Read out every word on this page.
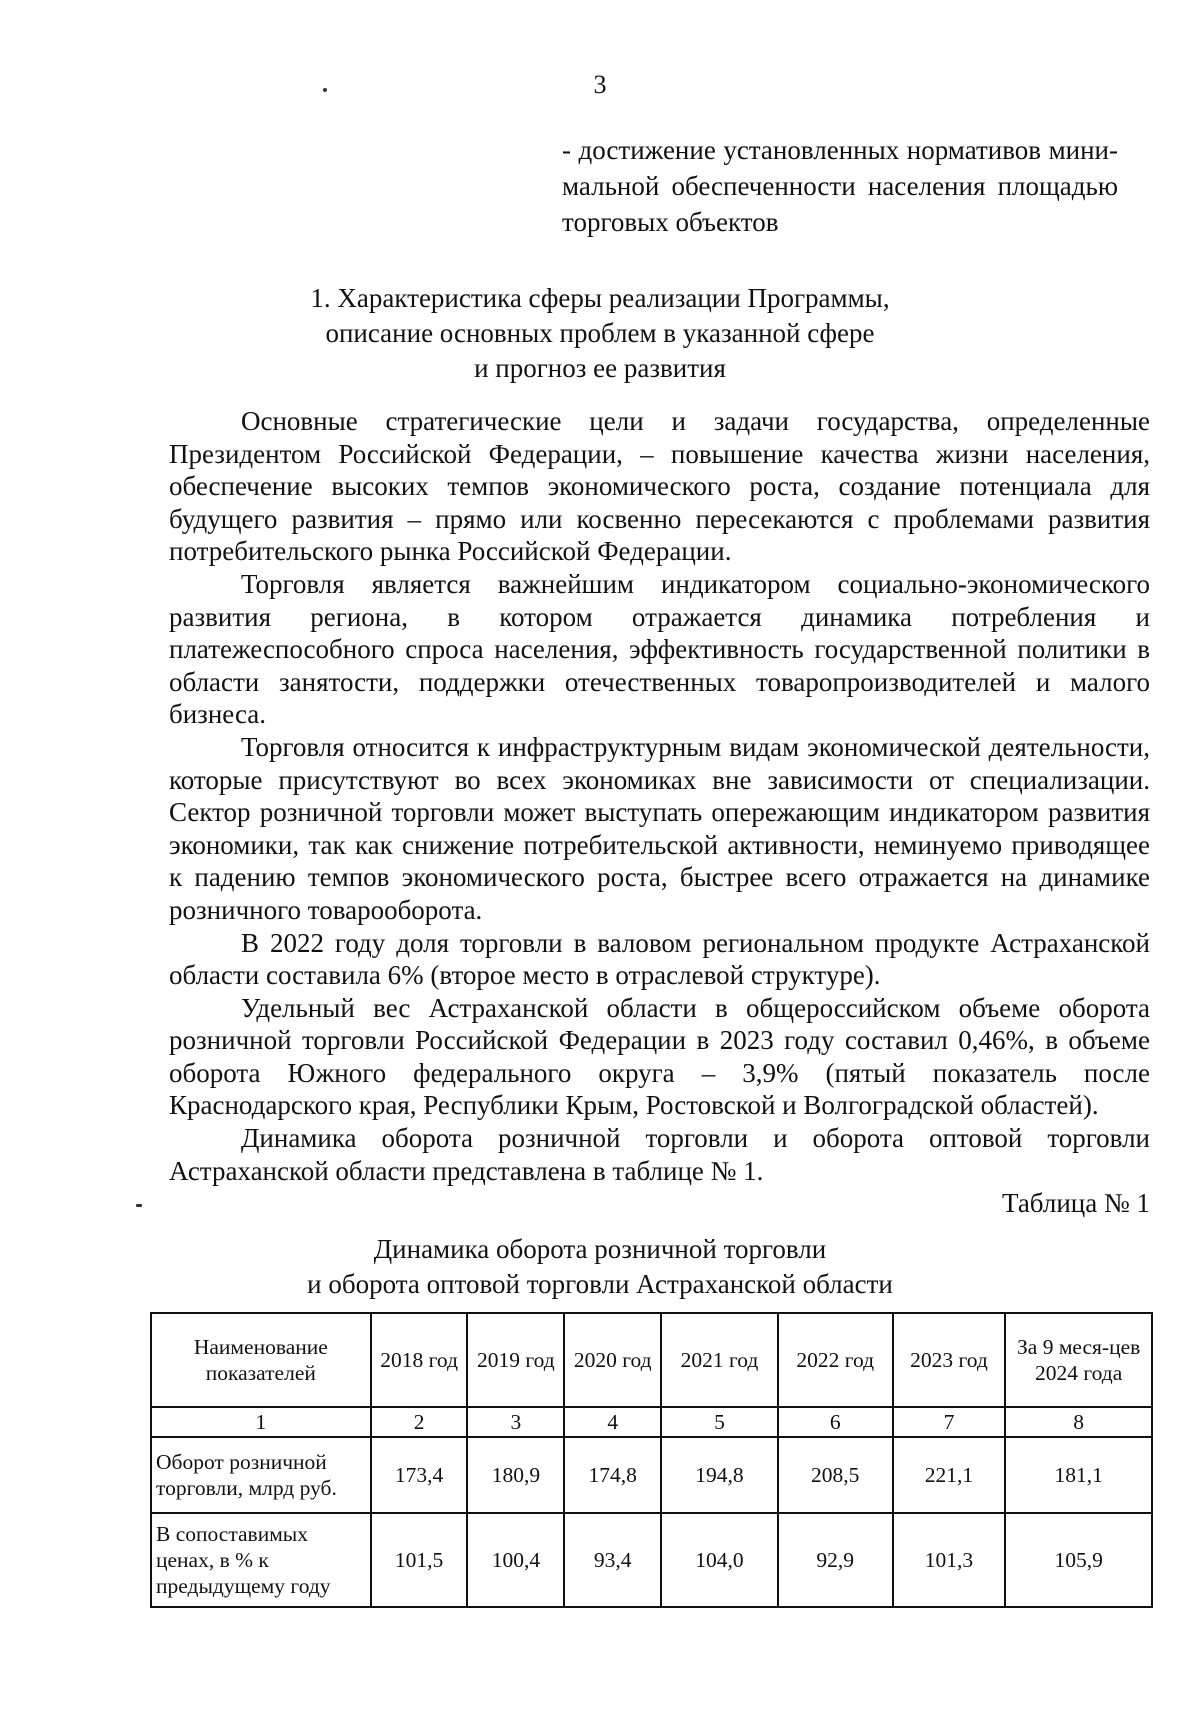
3
- достижение установленных нормативов мини-
мальной обеспеченности населения площадью
торговых объектов
1. Характеристика сферы реализации Программы,
описание основных проблем в указанной сфере
и прогноз ее развития

Основные стратегические цели и задачи государства, определенные Президентом Российской Федерации, – повышение качества жизни населения, обеспечение высоких темпов экономического роста, создание потенциала для будущего развития – прямо или косвенно пересекаются с проблемами развития потребительского рынка Российской Федерации.

Торговля является важнейшим индикатором социально-экономического развития региона, в котором отражается динамика потребления и платежеспособного спроса населения, эффективность государственной политики в области занятости, поддержки отечественных товаропроизводителей и малого бизнеса.

Торговля относится к инфраструктурным видам экономической деятельности, которые присутствуют во всех экономиках вне зависимости от специализации. Сектор розничной торговли может выступать опережающим индикатором развития экономики, так как снижение потребительской активности, неминуемо приводящее к падению темпов экономического роста, быстрее всего отражается на динамике розничного товарооборота.

В 2022 году доля торговли в валовом региональном продукте Астраханской области составила 6% (второе место в отраслевой структуре).

Удельный вес Астраханской области в общероссийском объеме оборота розничной торговли Российской Федерации в 2023 году составил 0,46%, в объеме оборота Южного федерального округа – 3,9% (пятый показатель после Краснодарского края, Республики Крым, Ростовской и Волгоградской областей).

Динамика оборота розничной торговли и оборота оптовой торговли Астраханской области представлена в таблице № 1.

Таблица № 1
Динамика оборота розничной торговли
и оборота оптовой торговли Астраханской области
Наименование показателей	2018 год	2019 год	2020 год	2021 год	2022 год	2023 год	За 9 меся-цев 2024 года
1	2	3	4	5	6	7	8
Оборот розничной торговли, млрд руб.	173,4	180,9	174,8	194,8	208,5	221,1	181,1
В сопоставимых ценах, в % к предыдущему году	101,5	100,4	93,4	104,0	92,9	101,3	105,9
